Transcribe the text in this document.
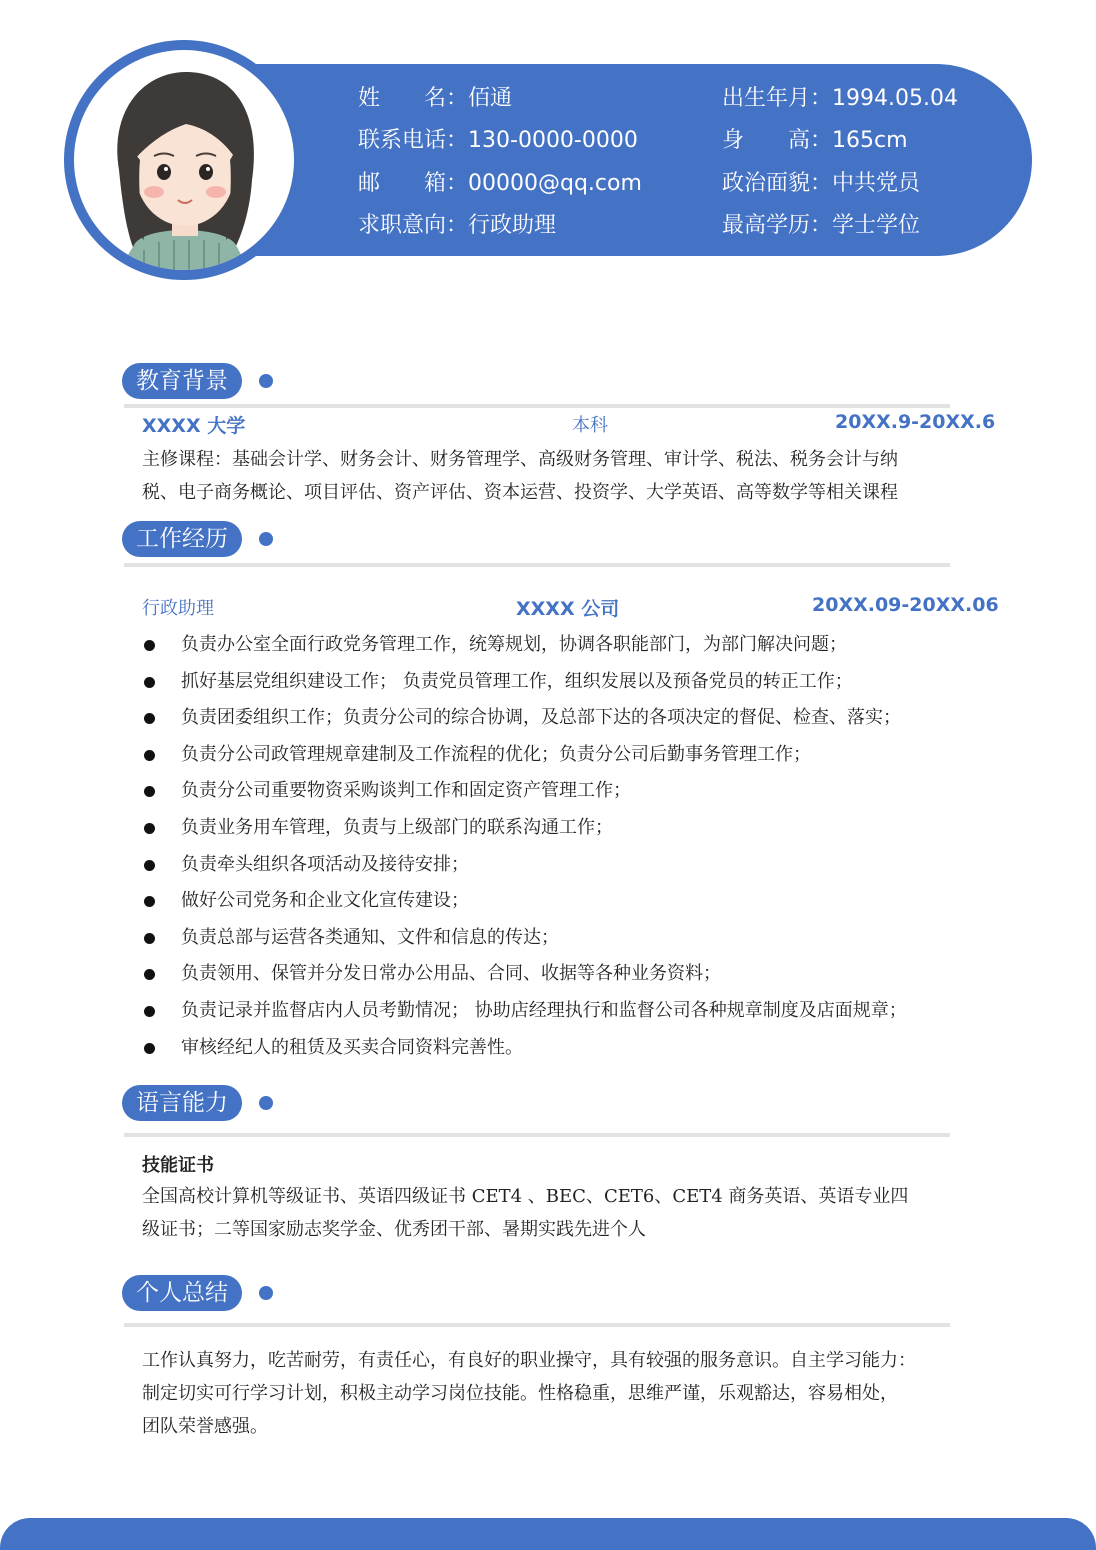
姓　　名：佰通
联系电话：130-0000-0000
邮　　箱：00000@qq.com
求职意向：行政助理
出生年月：1994.05.04
身　　高：165cm
政治面貌：中共党员
最高学历：学士学位
教育背景
XXXX 大学	本科	20XX.9-20XX.6
主修课程：基础会计学、财务会计、财务管理学、高级财务管理、审计学、税法、税务会计与纳
税、电子商务概论、项目评估、资产评估、资本运营、投资学、大学英语、高等数学等相关课程
工作经历
行政助理	XXXX 公司	20XX.09-20XX.06
负责办公室全面行政党务管理工作，统筹规划，协调各职能部门，为部门解决问题；
抓好基层党组织建设工作； 负责党员管理工作，组织发展以及预备党员的转正工作；
负责团委组织工作；负责分公司的综合协调，及总部下达的各项决定的督促、检查、落实；
负责分公司政管理规章建制及工作流程的优化；负责分公司后勤事务管理工作；
负责分公司重要物资采购谈判工作和固定资产管理工作；
负责业务用车管理，负责与上级部门的联系沟通工作；
负责牵头组织各项活动及接待安排；
做好公司党务和企业文化宣传建设；
负责总部与运营各类通知、文件和信息的传达；
负责领用、保管并分发日常办公用品、合同、收据等各种业务资料；
负责记录并监督店内人员考勤情况； 协助店经理执行和监督公司各种规章制度及店面规章；
审核经纪人的租赁及买卖合同资料完善性。
语言能力
技能证书
全国高校计算机等级证书、英语四级证书 CET4 、BEC、CET6、CET4 商务英语、英语专业四
级证书；二等国家励志奖学金、优秀团干部、暑期实践先进个人
个人总结
工作认真努力，吃苦耐劳，有责任心，有良好的职业操守，具有较强的服务意识。自主学习能力：
制定切实可行学习计划，积极主动学习岗位技能。性格稳重，思维严谨，乐观豁达，容易相处，
团队荣誉感强。
